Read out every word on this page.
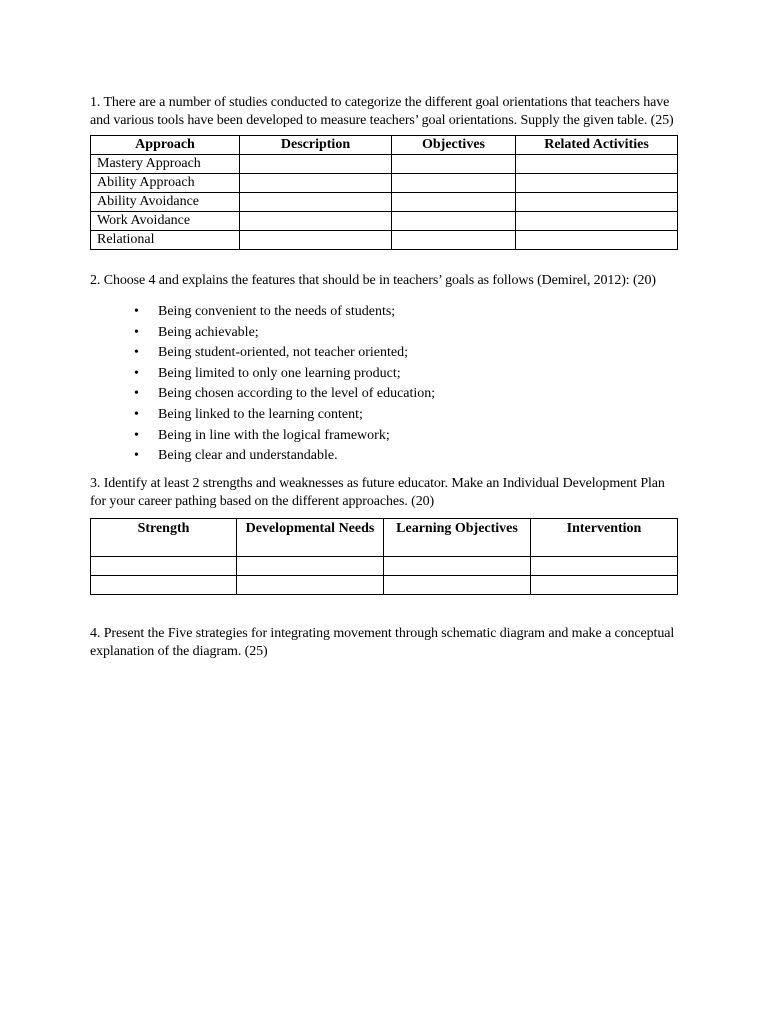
1. There are a number of studies conducted to categorize the different goal orientations that teachers have and various tools have been developed to measure teachers’ goal orientations. Supply the given table. (25)

Approach	Description	Objectives	Related Activities
Mastery Approach			
Ability Approach			
Ability Avoidance			
Work Avoidance			
Relational			

2. Choose 4 and explains the features that should be in teachers’ goals as follows (Demirel, 2012): (20)

• Being convenient to the needs of students;
• Being achievable;
• Being student-oriented, not teacher oriented;
• Being limited to only one learning product;
• Being chosen according to the level of education;
• Being linked to the learning content;
• Being in line with the logical framework;
• Being clear and understandable.

3. Identify at least 2 strengths and weaknesses as future educator. Make an Individual Development Plan for your career pathing based on the different approaches. (20)

Strength	Developmental Needs	Learning Objectives	Intervention

4. Present the Five strategies for integrating movement through schematic diagram and make a conceptual explanation of the diagram. (25)
